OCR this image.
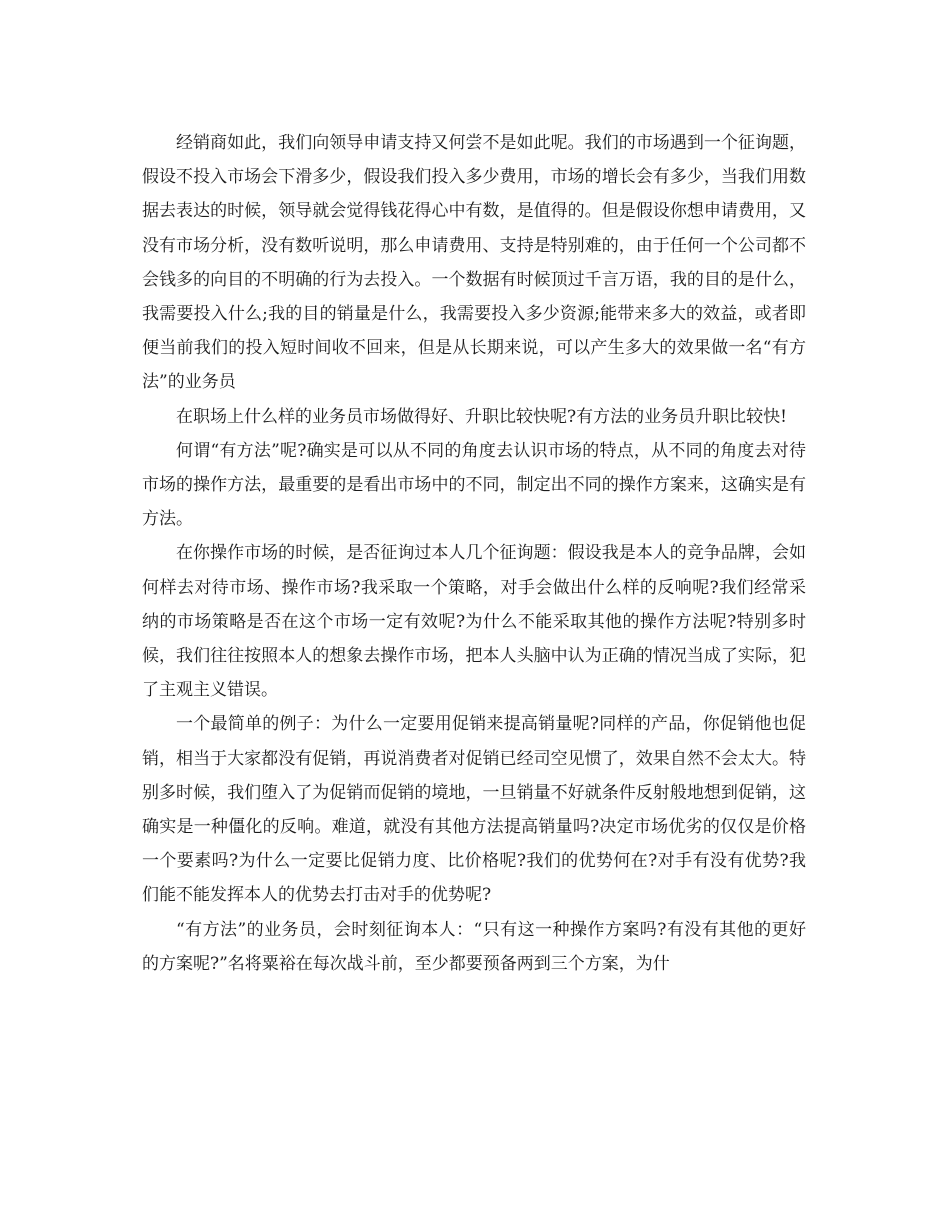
经销商如此，我们向领导申请支持又何尝不是如此呢。我们的市场遇到一个征询题，假设不投入市场会下滑多少，假设我们投入多少费用，市场的增长会有多少，当我们用数据去表达的时候，领导就会觉得钱花得心中有数，是值得的。但是假设你想申请费用，又没有市场分析，没有数听说明，那么申请费用、支持是特别难的，由于任何一个公司都不会钱多的向目的不明确的行为去投入。一个数据有时候顶过千言万语，我的目的是什么，我需要投入什么;我的目的销量是什么，我需要投入多少资源;能带来多大的效益，或者即便当前我们的投入短时间收不回来，但是从长期来说，可以产生多大的效果做一名“有方法”的业务员

在职场上什么样的业务员市场做得好、升职比较快呢?有方法的业务员升职比较快!

何谓“有方法”呢?确实是可以从不同的角度去认识市场的特点，从不同的角度去对待市场的操作方法，最重要的是看出市场中的不同，制定出不同的操作方案来，这确实是有方法。

在你操作市场的时候，是否征询过本人几个征询题：假设我是本人的竞争品牌，会如何样去对待市场、操作市场?我采取一个策略，对手会做出什么样的反响呢?我们经常采纳的市场策略是否在这个市场一定有效呢?为什么不能采取其他的操作方法呢?特别多时候，我们往往按照本人的想象去操作市场，把本人头脑中认为正确的情况当成了实际，犯了主观主义错误。

一个最简单的例子：为什么一定要用促销来提高销量呢?同样的产品，你促销他也促销，相当于大家都没有促销，再说消费者对促销已经司空见惯了，效果自然不会太大。特别多时候，我们堕入了为促销而促销的境地，一旦销量不好就条件反射般地想到促销，这确实是一种僵化的反响。难道，就没有其他方法提高销量吗?决定市场优劣的仅仅是价格一个要素吗?为什么一定要比促销力度、比价格呢?我们的优势何在?对手有没有优势?我们能不能发挥本人的优势去打击对手的优势呢?

“有方法”的业务员，会时刻征询本人：“只有这一种操作方案吗?有没有其他的更好的方案呢?”名将粟裕在每次战斗前，至少都要预备两到三个方案，为什
